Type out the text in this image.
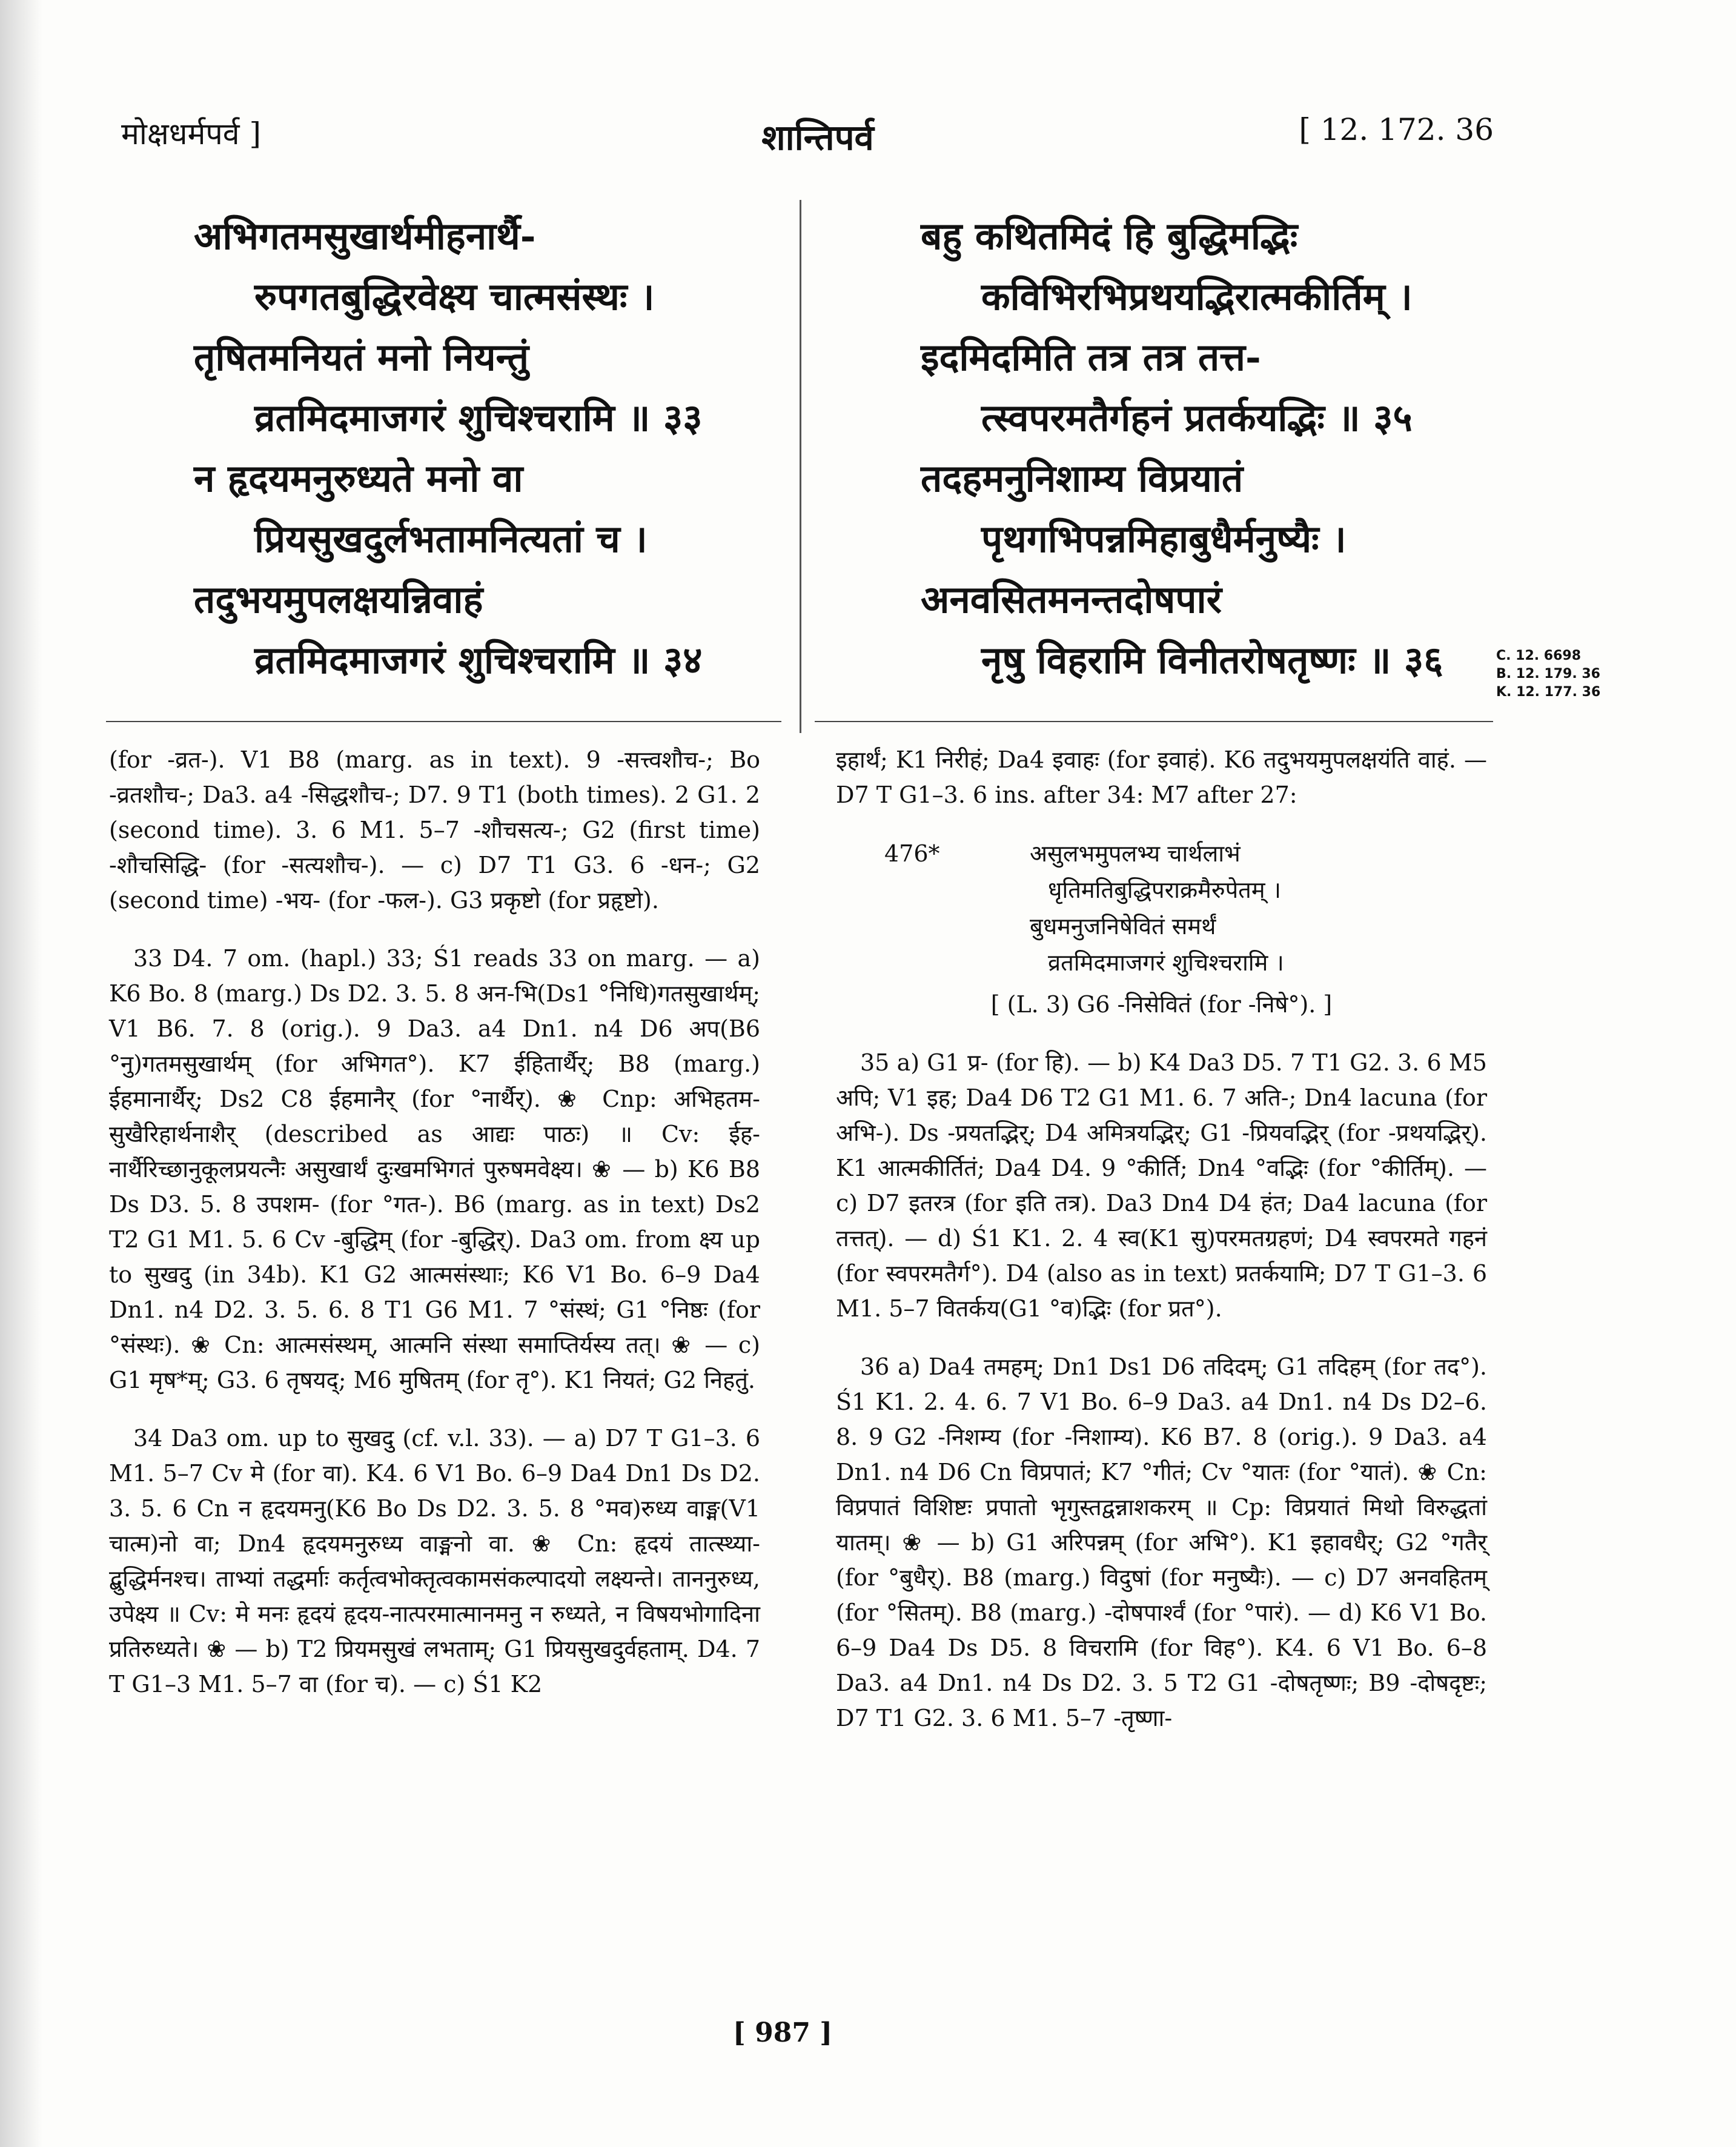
मोक्षधर्मपर्व ]	शान्तिपर्व	[ 12. 172. 36
अभिगतमसुखार्थमीहनार्थै-
रुपगतबुद्धिरवेक्ष्य चात्मसंस्थः ।
तृषितमनियतं मनो नियन्तुं
व्रतमिदमाजगरं शुचिश्चरामि ॥ ३३
न हृदयमनुरुध्यते मनो वा
प्रियसुखदुर्लभतामनित्यतां च ।
तदुभयमुपलक्षयन्निवाहं
व्रतमिदमाजगरं शुचिश्चरामि ॥ ३४
बहु कथितमिदं हि बुद्धिमद्भिः
कविभिरभिप्रथयद्भिरात्मकीर्तिम् ।
इदमिदमिति तत्र तत्र तत्त-
त्स्वपरमतैर्गहनं प्रतर्कयद्भिः ॥ ३५
तदहमनुनिशाम्य विप्रयातं
पृथगभिपन्नमिहाबुधैर्मनुष्यैः ।
अनवसितमनन्तदोषपारं
नृषु विहरामि विनीतरोषतृष्णः ॥ ३६	C. 12. 6698
B. 12. 179. 36
K. 12. 177. 36

(for -व्रत-). V1 B8 (marg. as in text). 9 -सत्त्वशौच-; Bo -व्रतशौच-; Da3. a4 -सिद्धशौच-; D7. 9 T1 (both times). 2 G1. 2 (second time). 3. 6 M1. 5–7 -शौचसत्य-; G2 (first time) -शौचसिद्धि- (for -सत्यशौच-). — c) D7 T1 G3. 6 -धन-; G2 (second time) -भय- (for -फल-). G3 प्रकृष्टो (for प्रहृष्टो).

33 D4. 7 om. (hapl.) 33; Ś1 reads 33 on marg. — a) K6 Bo. 8 (marg.) Ds D2. 3. 5. 8 अन-भि(Ds1 °निधि)गतसुखार्थम्; V1 B6. 7. 8 (orig.). 9 Da3. a4 Dn1. n4 D6 अप(B6 °नु)गतमसुखार्थम् (for अभिगत°). K7 ईहितार्थैर्; B8 (marg.) ईहमानार्थैर्; Ds2 C8 ईहमानैर् (for °नार्थैर्). ❀ Cnp: अभिहतम-सुखैरिहार्थनाशैर् (described as आद्यः पाठः) ॥ Cv: ईह-नार्थैरिच्छानुकूलप्रयत्नैः असुखार्थं दुःखमभिगतं पुरुषमवेक्ष्य। ❀ — b) K6 B8 Ds D3. 5. 8 उपशम- (for °गत-). B6 (marg. as in text) Ds2 T2 G1 M1. 5. 6 Cv -बुद्धिम् (for -बुद्धिर्). Da3 om. from क्ष्य up to सुखदु (in 34b). K1 G2 आत्मसंस्थाः; K6 V1 Bo. 6–9 Da4 Dn1. n4 D2. 3. 5. 6. 8 T1 G6 M1. 7 °संस्थं; G1 °निष्ठः (for °संस्थः). ❀ Cn: आत्मसंस्थम्, आत्मनि संस्था समाप्तिर्यस्य तत्। ❀ — c) G1 मृष*म्; G3. 6 तृषयद्; M6 मुषितम् (for तृ°). K1 नियतं; G2 निहतुं.

34 Da3 om. up to सुखदु (cf. v.l. 33). — a) D7 T G1–3. 6 M1. 5–7 Cv मे (for वा). K4. 6 V1 Bo. 6–9 Da4 Dn1 Ds D2. 3. 5. 6 Cn न हृदयमनु(K6 Bo Ds D2. 3. 5. 8 °मव)रुध्य वाङ्म(V1 चात्म)नो वा; Dn4 हृदयमनुरुध्य वाङ्मनो वा. ❀ Cn: हृदयं तात्स्थ्या-द्बुद्धिर्मनश्च। ताभ्यां तद्धर्माः कर्तृत्वभोक्तृत्वकामसंकल्पादयो लक्ष्यन्ते। ताननुरुध्य, उपेक्ष्य ॥ Cv: मे मनः हृदयं हृदय-नात्परमात्मानमनु न रुध्यते, न विषयभोगादिना प्रतिरुध्यते। ❀ — b) T2 प्रियमसुखं लभताम्; G1 प्रियसुखदुर्वहताम्. D4. 7 T G1–3 M1. 5–7 वा (for च). — c) Ś1 K2

इहार्थं; K1 निरीहं; Da4 इवाहः (for इवाहं). K6 तदुभयमुपलक्षयंति वाहं. — D7 T G1–3. 6 ins. after 34: M7 after 27:

476*	असुलभमुपलभ्य चार्थलाभं
धृतिमतिबुद्धिपराक्रमैरुपेतम् ।
बुधमनुजनिषेवितं समर्थं
व्रतमिदमाजगरं शुचिश्चरामि ।

[ (L. 3) G6 -निसेवितं (for -निषे°). ]

35 a) G1 प्र- (for हि). — b) K4 Da3 D5. 7 T1 G2. 3. 6 M5 अपि; V1 इह; Da4 D6 T2 G1 M1. 6. 7 अति-; Dn4 lacuna (for अभि-). Ds -प्रयतद्भिर्; D4 अमित्रयद्भिर्; G1 -प्रियवद्भिर् (for -प्रथयद्भिर्). K1 आत्मकीर्तितं; Da4 D4. 9 °कीर्ति; Dn4 °वद्भिः (for °कीर्तिम्). — c) D7 इतरत्र (for इति तत्र). Da3 Dn4 D4 हंत; Da4 lacuna (for तत्तत्). — d) Ś1 K1. 2. 4 स्व(K1 सु)परमतग्रहणं; D4 स्वपरमते गहनं (for स्वपरमतैर्ग°). D4 (also as in text) प्रतर्कयामि; D7 T G1–3. 6 M1. 5–7 वितर्कय(G1 °व)द्भिः (for प्रत°).

36 a) Da4 तमहम्; Dn1 Ds1 D6 तदिदम्; G1 तदिहम् (for तद°). Ś1 K1. 2. 4. 6. 7 V1 Bo. 6–9 Da3. a4 Dn1. n4 Ds D2–6. 8. 9 G2 -निशम्य (for -निशाम्य). K6 B7. 8 (orig.). 9 Da3. a4 Dn1. n4 D6 Cn विप्रपातं; K7 °गीतं; Cv °यातः (for °यातं). ❀ Cn: विप्रपातं विशिष्टः प्रपातो भृगुस्तद्वन्नाशकरम् ॥ Cp: विप्रयातं मिथो विरुद्धतां यातम्। ❀ — b) G1 अरिपन्नम् (for अभि°). K1 इहावधैर्; G2 °गतैर् (for °बुधैर्). B8 (marg.) विदुषां (for मनुष्यैः). — c) D7 अनवहितम् (for °सितम्). B8 (marg.) -दोषपार्श्वं (for °पारं). — d) K6 V1 Bo. 6–9 Da4 Ds D5. 8 विचरामि (for विह°). K4. 6 V1 Bo. 6–8 Da3. a4 Dn1. n4 Ds D2. 3. 5 T2 G1 -दोषतृष्णः; B9 -दोषदृष्टः; D7 T1 G2. 3. 6 M1. 5–7 -तृष्णा-

[ 987 ]
